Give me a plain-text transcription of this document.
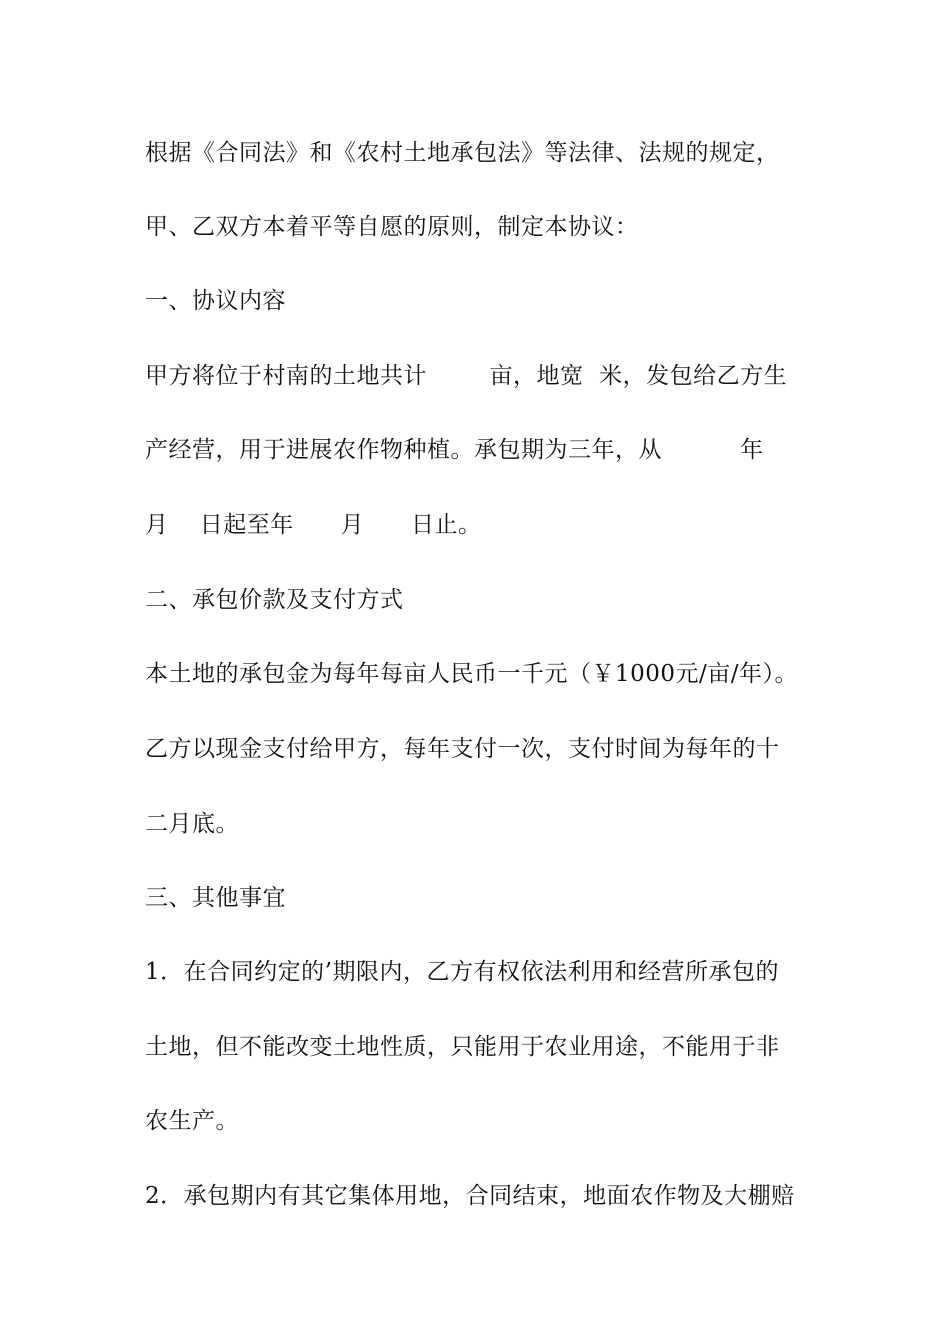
根据《合同法》和《农村土地承包法》等法律、法规的规定，
甲、乙双方本着平等自愿的原则，制定本协议：
一、协议内容
甲方将位于村南的土地共计        亩，地宽  米，发包给乙方生
产经营，用于进展农作物种植。承包期为三年，从          年
月    日起至年      月      日止。
二、承包价款及支付方式
本土地的承包金为每年每亩人民币一千元（￥1000元/亩/年）。
乙方以现金支付给甲方，每年支付一次，支付时间为每年的十
二月底。
三、其他事宜
1．在合同约定的’期限内，乙方有权依法利用和经营所承包的
土地，但不能改变土地性质，只能用于农业用途，不能用于非
农生产。
2．承包期内有其它集体用地，合同结束，地面农作物及大棚赔
